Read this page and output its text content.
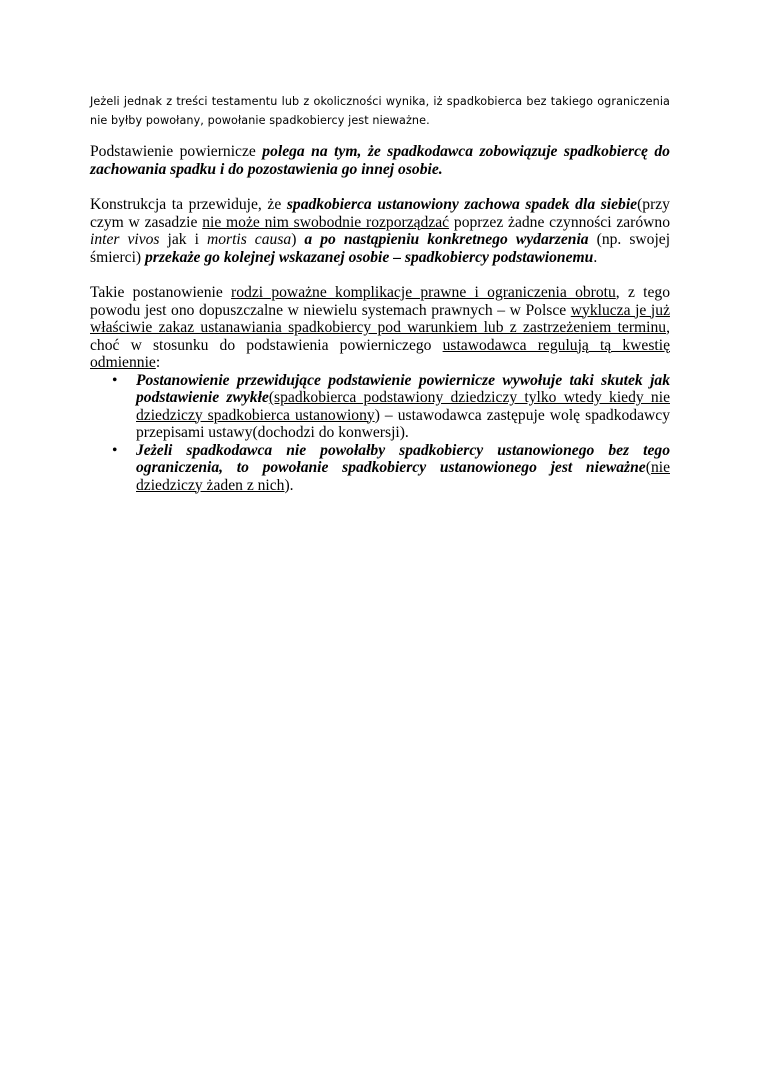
Jeżeli jednak z treści testamentu lub z okoliczności wynika, iż spadkobierca bez takiego ograniczenia nie byłby powołany, powołanie spadkobiercy jest nieważne.

Podstawienie powiernicze polega na tym, że spadkodawca zobowiązuje spadkobiercę do zachowania spadku i do pozostawienia go innej osobie.

Konstrukcja ta przewiduje, że spadkobierca ustanowiony zachowa spadek dla siebie(przy czym w zasadzie nie może nim swobodnie rozporządzać poprzez żadne czynności zarówno inter vivos jak i mortis causa) a po nastąpieniu konkretnego wydarzenia (np. swojej śmierci) przekaże go kolejnej wskazanej osobie – spadkobiercy podstawionemu.

Takie postanowienie rodzi poważne komplikacje prawne i ograniczenia obrotu, z tego powodu jest ono dopuszczalne w niewielu systemach prawnych – w Polsce wyklucza je już właściwie zakaz ustanawiania spadkobiercy pod warunkiem lub z zastrzeżeniem terminu, choć w stosunku do podstawienia powierniczego ustawodawca regulują tą kwestię odmiennie:

• Postanowienie przewidujące podstawienie powiernicze wywołuje taki skutek jak podstawienie zwykłe(spadkobierca podstawiony dziedziczy tylko wtedy kiedy nie dziedziczy spadkobierca ustanowiony) – ustawodawca zastępuje wolę spadkodawcy przepisami ustawy(dochodzi do konwersji).
• Jeżeli spadkodawca nie powołałby spadkobiercy ustanowionego bez tego ograniczenia, to powołanie spadkobiercy ustanowionego jest nieważne(nie dziedziczy żaden z nich).
